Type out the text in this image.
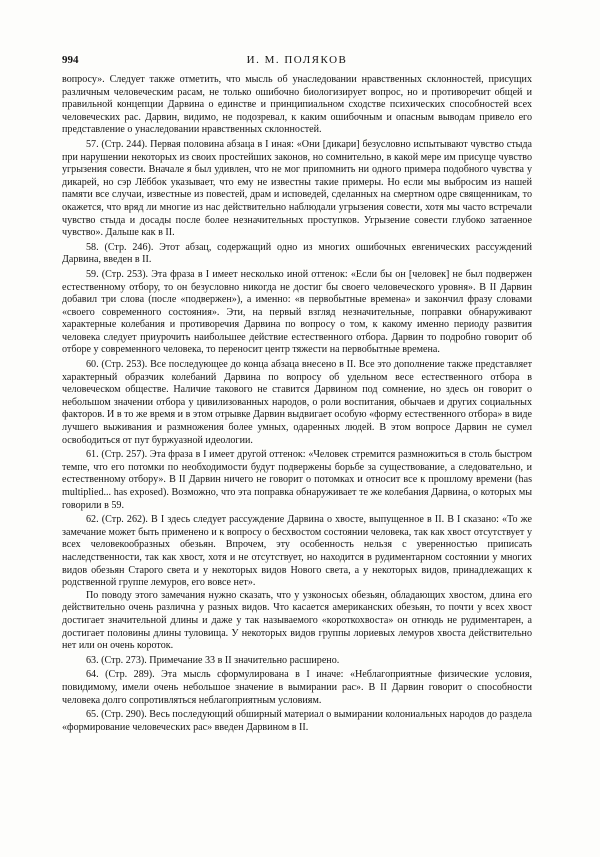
994	И. М. ПОЛЯКОВ

вопросу». Следует также отметить, что мысль об унаследовании нравственных склонностей, присущих различным человеческим расам, не только ошибочно биологизирует вопрос, но и противоречит общей и правильной концепции Дарвина о единстве и принципиальном сходстве психических способностей всех человеческих рас. Дарвин, видимо, не подозревал, к каким ошибочным и опасным выводам привело его представление о унаследовании нравственных склонностей.

57. (Стр. 244). Первая половина абзаца в I иная: «Они [дикари] безусловно испытывают чувство стыда при нарушении некоторых из своих простейших законов, но сомнительно, в какой мере им присуще чувство угрызения совести. Вначале я был удивлен, что не мог припомнить ни одного примера подобного чувства у дикарей, но сэр Лёббок указывает, что ему не известны такие примеры. Но если мы выбросим из нашей памяти все случаи, известные из повестей, драм и исповедей, сделанных на смертном одре священникам, то окажется, что вряд ли многие из нас действительно наблюдали угрызения совести, хотя мы часто встречали чувство стыда и досады после более незначительных проступков. Угрызение совести глубоко затаенное чувство». Дальше как в II.

58. (Стр. 246). Этот абзац, содержащий одно из многих ошибочных евгенических рассуждений Дарвина, введен в II.

59. (Стр. 253). Эта фраза в I имеет несколько иной оттенок: «Если бы он [человек] не был подвержен естественному отбору, то он безусловно никогда не достиг бы своего человеческого уровня». В II Дарвин добавил три слова (после «подвержен»), а именно: «в первобытные времена» и закончил фразу словами «своего современного состояния». Эти, на первый взгляд незначительные, поправки обнаруживают характерные колебания и противоречия Дарвина по вопросу о том, к какому именно периоду развития человека следует приурочить наибольшее действие естественного отбора. Дарвин то подробно говорит об отборе у современного человека, то переносит центр тяжести на первобытные времена.

60. (Стр. 253). Все последующее до конца абзаца внесено в II. Все это дополнение также представляет характерный образчик колебаний Дарвина по вопросу об удельном весе естественного отбора в человеческом обществе. Наличие такового не ставится Дарвином под сомнение, но здесь он говорит о небольшом значении отбора у цивилизованных народов, о роли воспитания, обычаев и других социальных факторов. И в то же время и в этом отрывке Дарвин выдвигает особую «форму естественного отбора» в виде лучшего выживания и размножения более умных, одаренных людей. В этом вопросе Дарвин не сумел освободиться от пут буржуазной идеологии.

61. (Стр. 257). Эта фраза в I имеет другой оттенок: «Человек стремится размножиться в столь быстром темпе, что его потомки по необходимости будут подвержены борьбе за существование, а следовательно, и естественному отбору». В II Дарвин ничего не говорит о потомках и относит все к прошлому времени (has multiplied... has exposed). Возможно, что эта поправка обнаруживает те же колебания Дарвина, о которых мы говорили в 59.

62. (Стр. 262). В I здесь следует рассуждение Дарвина о хвосте, выпущенное в II. В I сказано: «То же замечание может быть применено и к вопросу о бесхвостом состоянии человека, так как хвост отсутствует у всех человекообразных обезьян. Впрочем, эту особенность нельзя с уверенностью приписать наследственности, так как хвост, хотя и не отсутствует, но находится в рудиментарном состоянии у многих видов обезьян Старого света и у некоторых видов Нового света, а у некоторых видов, принадлежащих к родственной группе лемуров, его вовсе нет».

По поводу этого замечания нужно сказать, что у узконосых обезьян, обладающих хвостом, длина его действительно очень различна у разных видов. Что касается американских обезьян, то почти у всех хвост достигает значительной длины и даже у так называемого «короткохвоста» он отнюдь не рудиментарен, а достигает половины длины туловища. У некоторых видов группы лориевых лемуров хвоста действительно нет или он очень короток.

63. (Стр. 273). Примечание 33 в II значительно расширено.

64. (Стр. 289). Эта мысль сформулирована в I иначе: «Неблагоприятные физические условия, повидимому, имели очень небольшое значение в вымирании рас». В II Дарвин говорит о способности человека долго сопротивляться неблагоприятным условиям.

65. (Стр. 290). Весь последующий обширный материал о вымирании колониальных народов до раздела «формирование человеческих рас» введен Дарвином в II.
